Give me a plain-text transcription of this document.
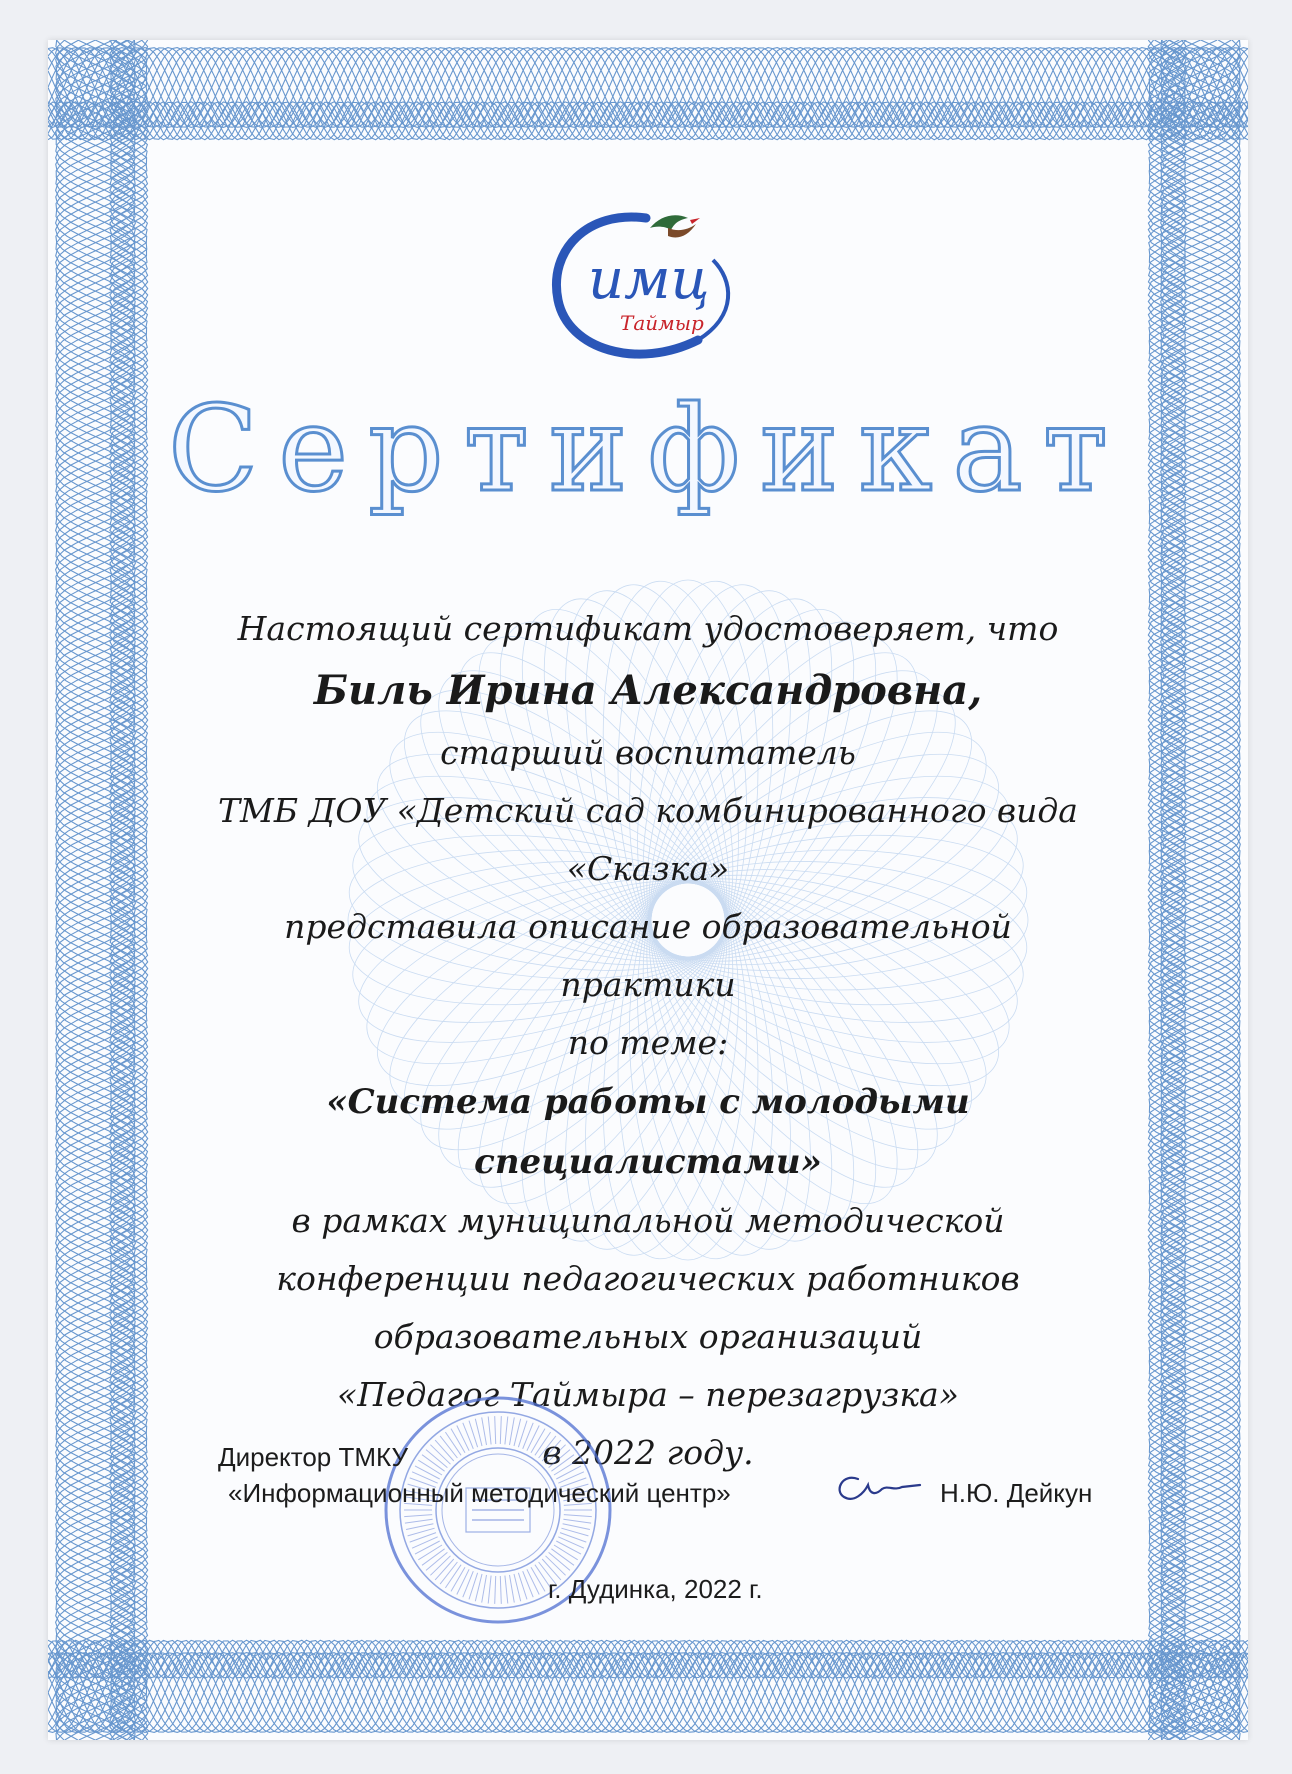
имц
Таймыр
Сертификат
Настоящий сертификат удостоверяет, что
Биль Ирина Александровна,
старший воспитатель
ТМБ ДОУ «Детский сад комбинированного вида
«Сказка»
представила описание образовательной практики
по теме:
«Система работы с молодыми специалистами»
в рамках муниципальной методической
конференции педагогических работников
образовательных организаций
«Педагог Таймыра – перезагрузка»
в 2022 году.
Директор ТМКУ
«Информационный методический центр»	Н.Ю. Дейкун
г. Дудинка, 2022 г.
